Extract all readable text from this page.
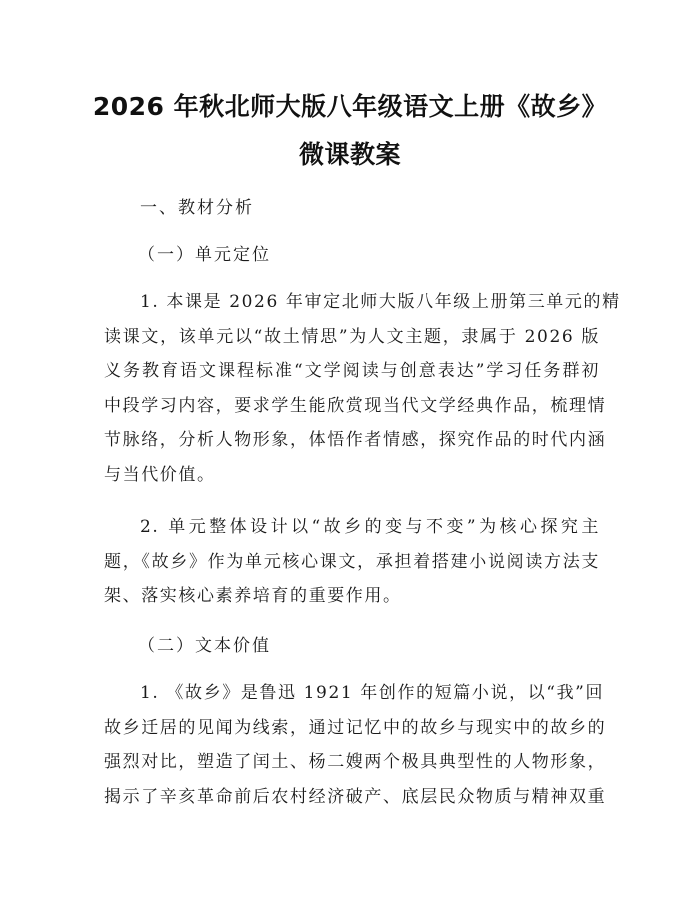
2026 年秋北师大版八年级语文上册《故乡》
微课教案
一、教材分析
（一）单元定位
1. 本课是 2026 年审定北师大版八年级上册第三单元的精
读课文，该单元以“故土情思”为人文主题，隶属于 2026 版
义务教育语文课程标准“文学阅读与创意表达”学习任务群初
中段学习内容，要求学生能欣赏现当代文学经典作品，梳理情
节脉络，分析人物形象，体悟作者情感，探究作品的时代内涵
与当代价值。
2. 单元整体设计以“故乡的变与不变”为核心探究主
题，《故乡》作为单元核心课文，承担着搭建小说阅读方法支
架、落实核心素养培育的重要作用。
（二）文本价值
1. 《故乡》是鲁迅 1921 年创作的短篇小说，以“我”回
故乡迁居的见闻为线索，通过记忆中的故乡与现实中的故乡的
强烈对比，塑造了闰土、杨二嫂两个极具典型性的人物形象，
揭示了辛亥革命前后农村经济破产、底层民众物质与精神双重
